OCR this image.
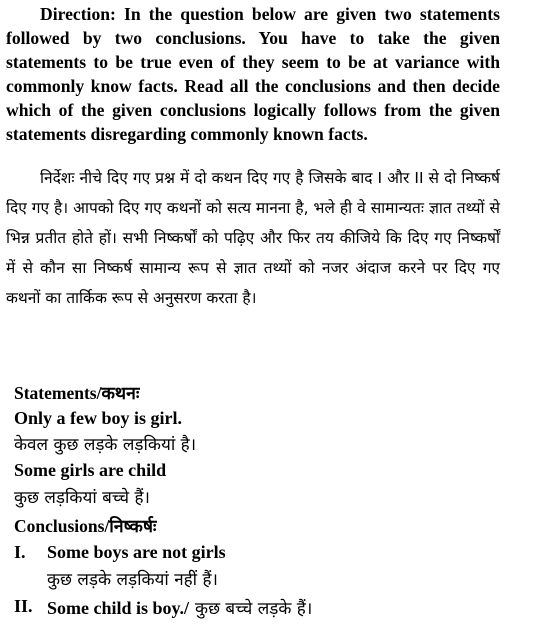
Direction: In the question below are given two statements followed by two conclusions. You have to take the given statements to be true even of they seem to be at variance with commonly know facts. Read all the conclusions and then decide which of the given conclusions logically follows from the given statements disregarding commonly known facts.

निर्देशः नीचे दिए गए प्रश्न में दो कथन दिए गए है जिसके बाद I और II से दो निष्कर्ष दिए गए है। आपको दिए गए कथनों को सत्य मानना है, भले ही वे सामान्यतः ज्ञात तथ्यों से भिन्न प्रतीत होते हों। सभी निष्कर्षों को पढ़िए और फिर तय कीजिये कि दिए गए निष्कर्षों में से कौन सा निष्कर्ष सामान्य रूप से ज्ञात तथ्यों को नजर अंदाज करने पर दिए गए कथनों का तार्किक रूप से अनुसरण करता है।

Statements/कथनः
Only a few boy is girl.
केवल कुछ लड़के लड़कियां है।
Some girls are child
कुछ लड़कियां बच्चे हैं।
Conclusions/निष्कर्षः
I. Some boys are not girls
कुछ लड़के लड़कियां नहीं हैं।
II. Some child is boy./ कुछ बच्चे लड़के हैं।
